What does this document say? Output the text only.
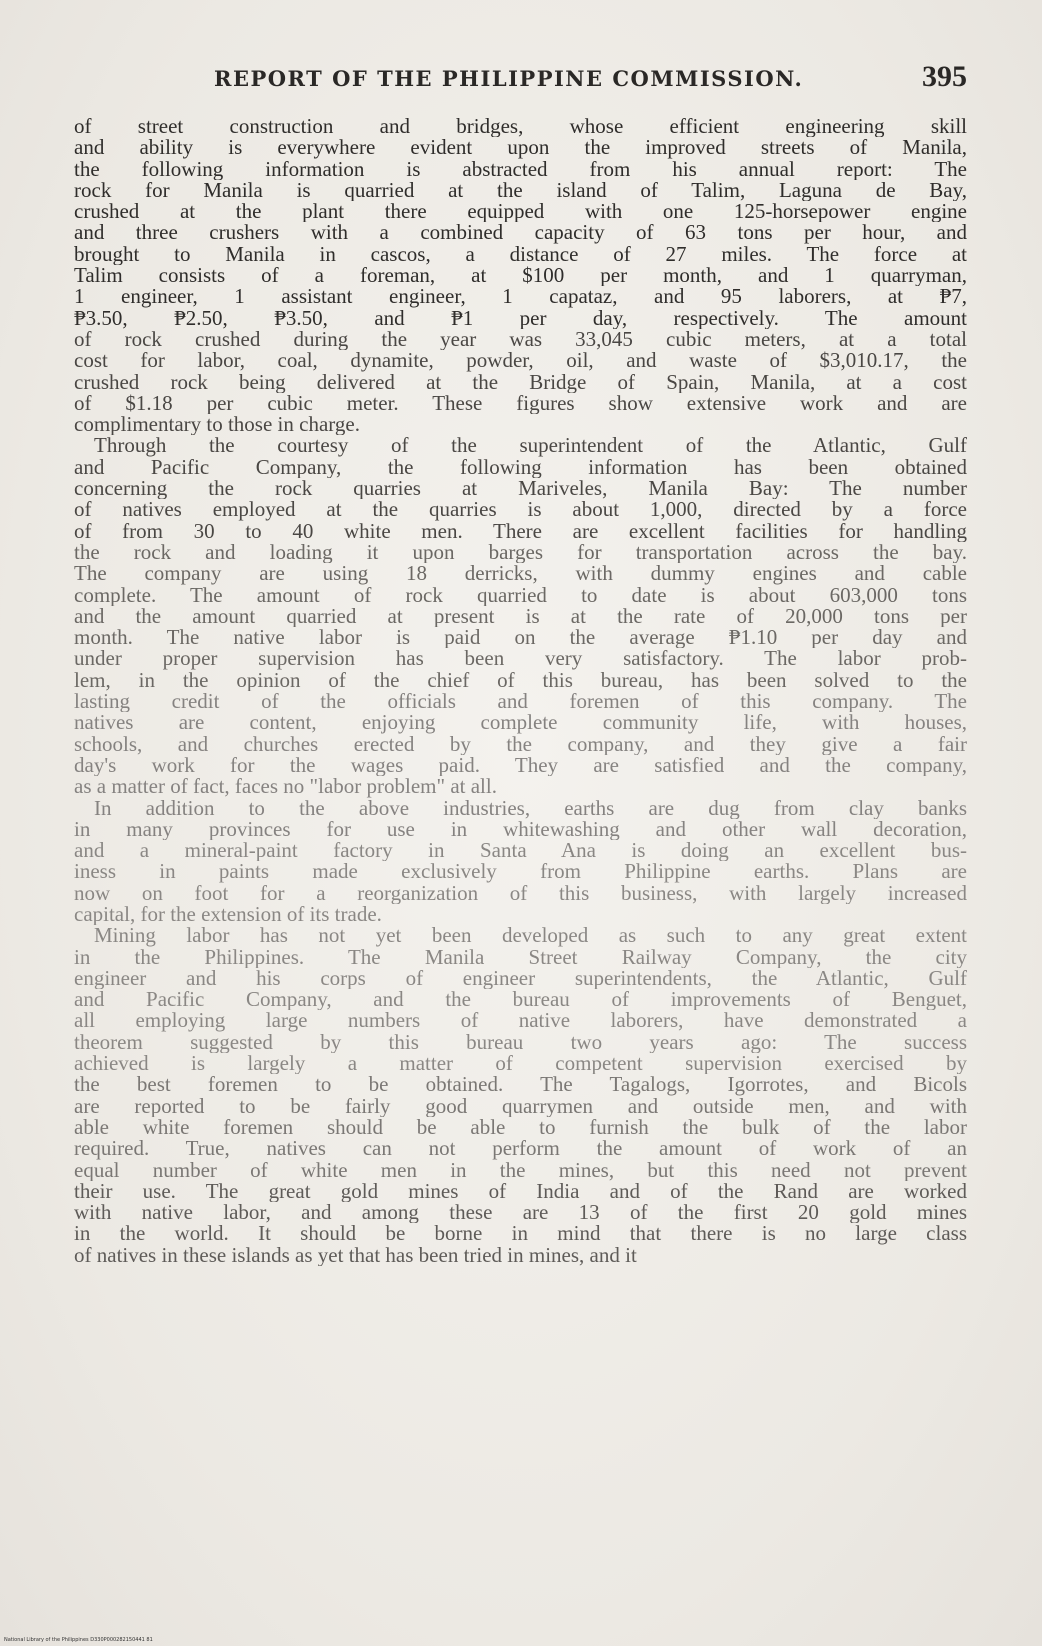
REPORT OF THE PHILIPPINE COMMISSION.	395
of street construction and bridges, whose efficient engineering skill
and ability is everywhere evident upon the improved streets of Manila,
the following information is abstracted from his annual report: The
rock for Manila is quarried at the island of Talim, Laguna de Bay,
crushed at the plant there equipped with one 125-horsepower engine
and three crushers with a combined capacity of 63 tons per hour, and
brought to Manila in cascos, a distance of 27 miles. The force at
Talim consists of a foreman, at $100 per month, and 1 quarryman,
1 engineer, 1 assistant engineer, 1 capataz, and 95 laborers, at ₱7,
₱3.50, ₱2.50, ₱3.50, and ₱1 per day, respectively. The amount
of rock crushed during the year was 33,045 cubic meters, at a total
cost for labor, coal, dynamite, powder, oil, and waste of $3,010.17, the
crushed rock being delivered at the Bridge of Spain, Manila, at a cost
of $1.18 per cubic meter. These figures show extensive work and are
complimentary to those in charge.
Through the courtesy of the superintendent of the Atlantic, Gulf
and Pacific Company, the following information has been obtained
concerning the rock quarries at Mariveles, Manila Bay: The number
of natives employed at the quarries is about 1,000, directed by a force
of from 30 to 40 white men. There are excellent facilities for handling
the rock and loading it upon barges for transportation across the bay.
The company are using 18 derricks, with dummy engines and cable
complete. The amount of rock quarried to date is about 603,000 tons
and the amount quarried at present is at the rate of 20,000 tons per
month. The native labor is paid on the average ₱1.10 per day and
under proper supervision has been very satisfactory. The labor prob-
lem, in the opinion of the chief of this bureau, has been solved to the
lasting credit of the officials and foremen of this company. The
natives are content, enjoying complete community life, with houses,
schools, and churches erected by the company, and they give a fair
day's work for the wages paid. They are satisfied and the company,
as a matter of fact, faces no "labor problem" at all.
In addition to the above industries, earths are dug from clay banks
in many provinces for use in whitewashing and other wall decoration,
and a mineral-paint factory in Santa Ana is doing an excellent bus-
iness in paints made exclusively from Philippine earths. Plans are
now on foot for a reorganization of this business, with largely increased
capital, for the extension of its trade.
Mining labor has not yet been developed as such to any great extent
in the Philippines. The Manila Street Railway Company, the city
engineer and his corps of engineer superintendents, the Atlantic, Gulf
and Pacific Company, and the bureau of improvements of Benguet,
all employing large numbers of native laborers, have demonstrated a
theorem suggested by this bureau two years ago: The success
achieved is largely a matter of competent supervision exercised by
the best foremen to be obtained. The Tagalogs, Igorrotes, and Bicols
are reported to be fairly good quarrymen and outside men, and with
able white foremen should be able to furnish the bulk of the labor
required. True, natives can not perform the amount of work of an
equal number of white men in the mines, but this need not prevent
their use. The great gold mines of India and of the Rand are worked
with native labor, and among these are 13 of the first 20 gold mines
in the world. It should be borne in mind that there is no large class
of natives in these islands as yet that has been tried in mines, and it
National Library of the Philippines D330P000282150441 81
